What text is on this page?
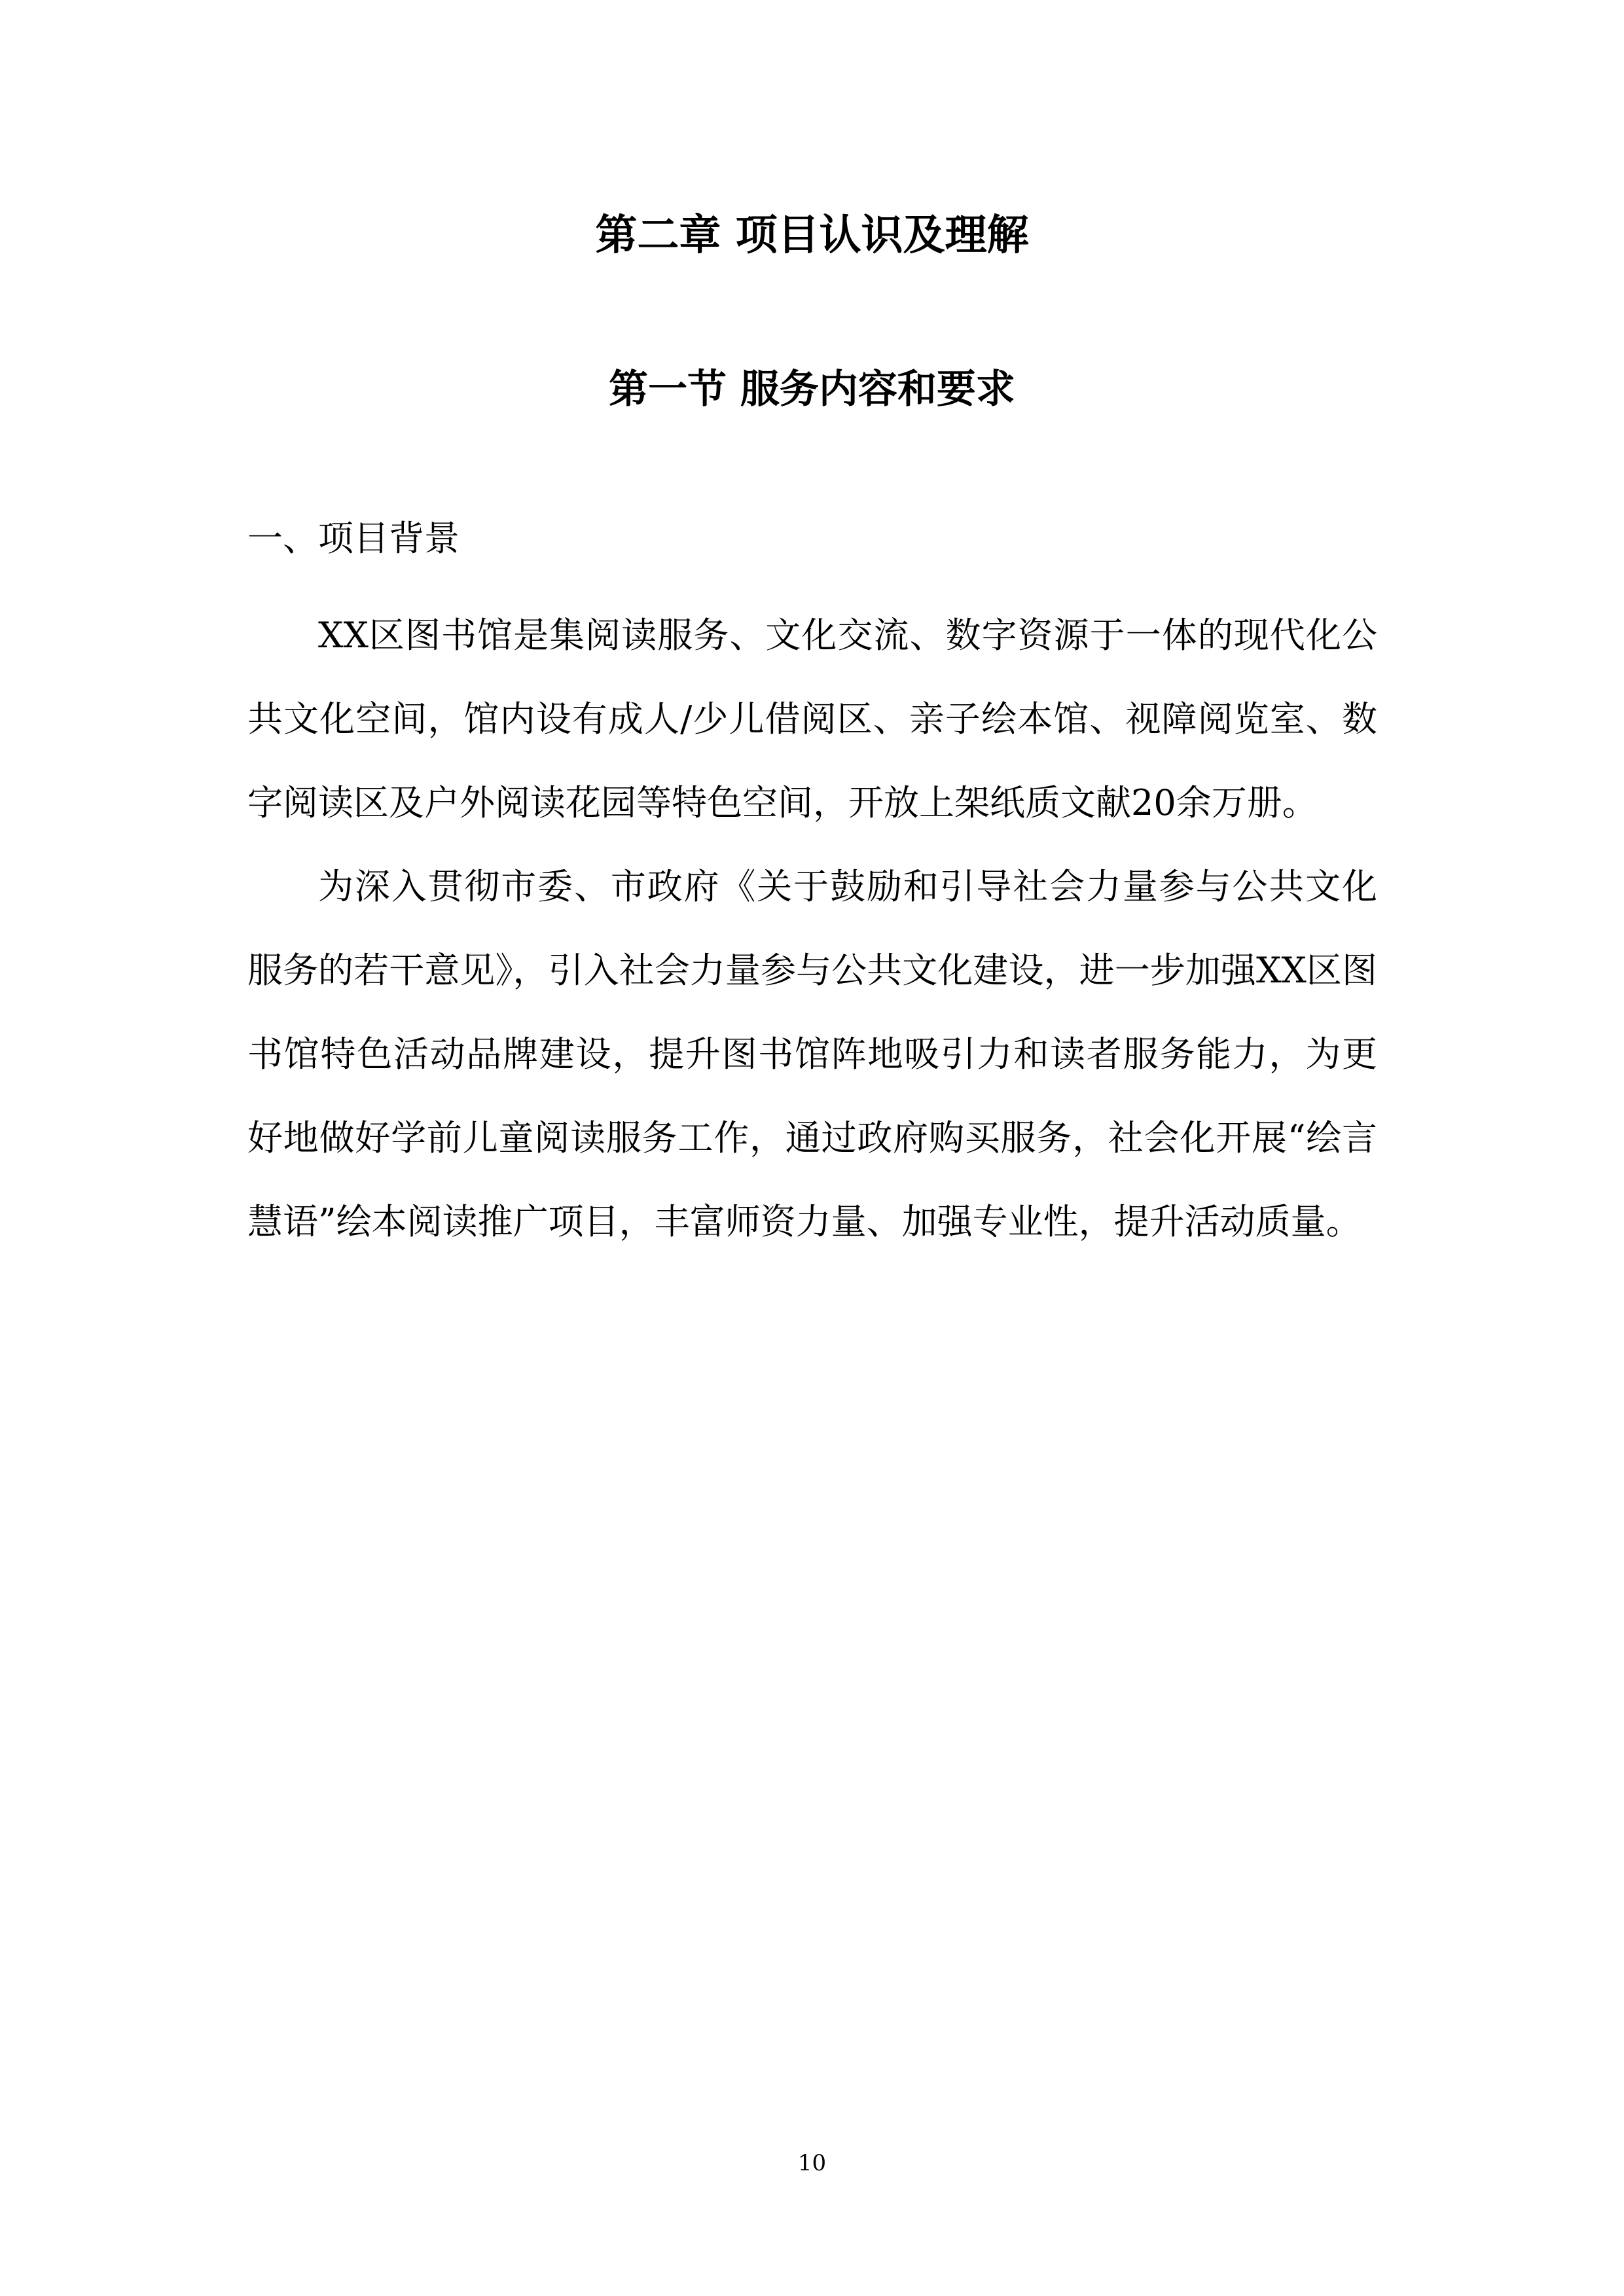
第二章 项目认识及理解
第一节 服务内容和要求
一、项目背景

XX区图书馆是集阅读服务、文化交流、数字资源于一体的现代化公共文化空间，馆内设有成人/少儿借阅区、亲子绘本馆、视障阅览室、数字阅读区及户外阅读花园等特色空间，开放上架纸质文献20余万册。

为深入贯彻市委、市政府《关于鼓励和引导社会力量参与公共文化服务的若干意见》，引入社会力量参与公共文化建设，进一步加强XX区图书馆特色活动品牌建设，提升图书馆阵地吸引力和读者服务能力，为更好地做好学前儿童阅读服务工作，通过政府购买服务，社会化开展“绘言慧语”绘本阅读推广项目，丰富师资力量、加强专业性，提升活动质量。

10
